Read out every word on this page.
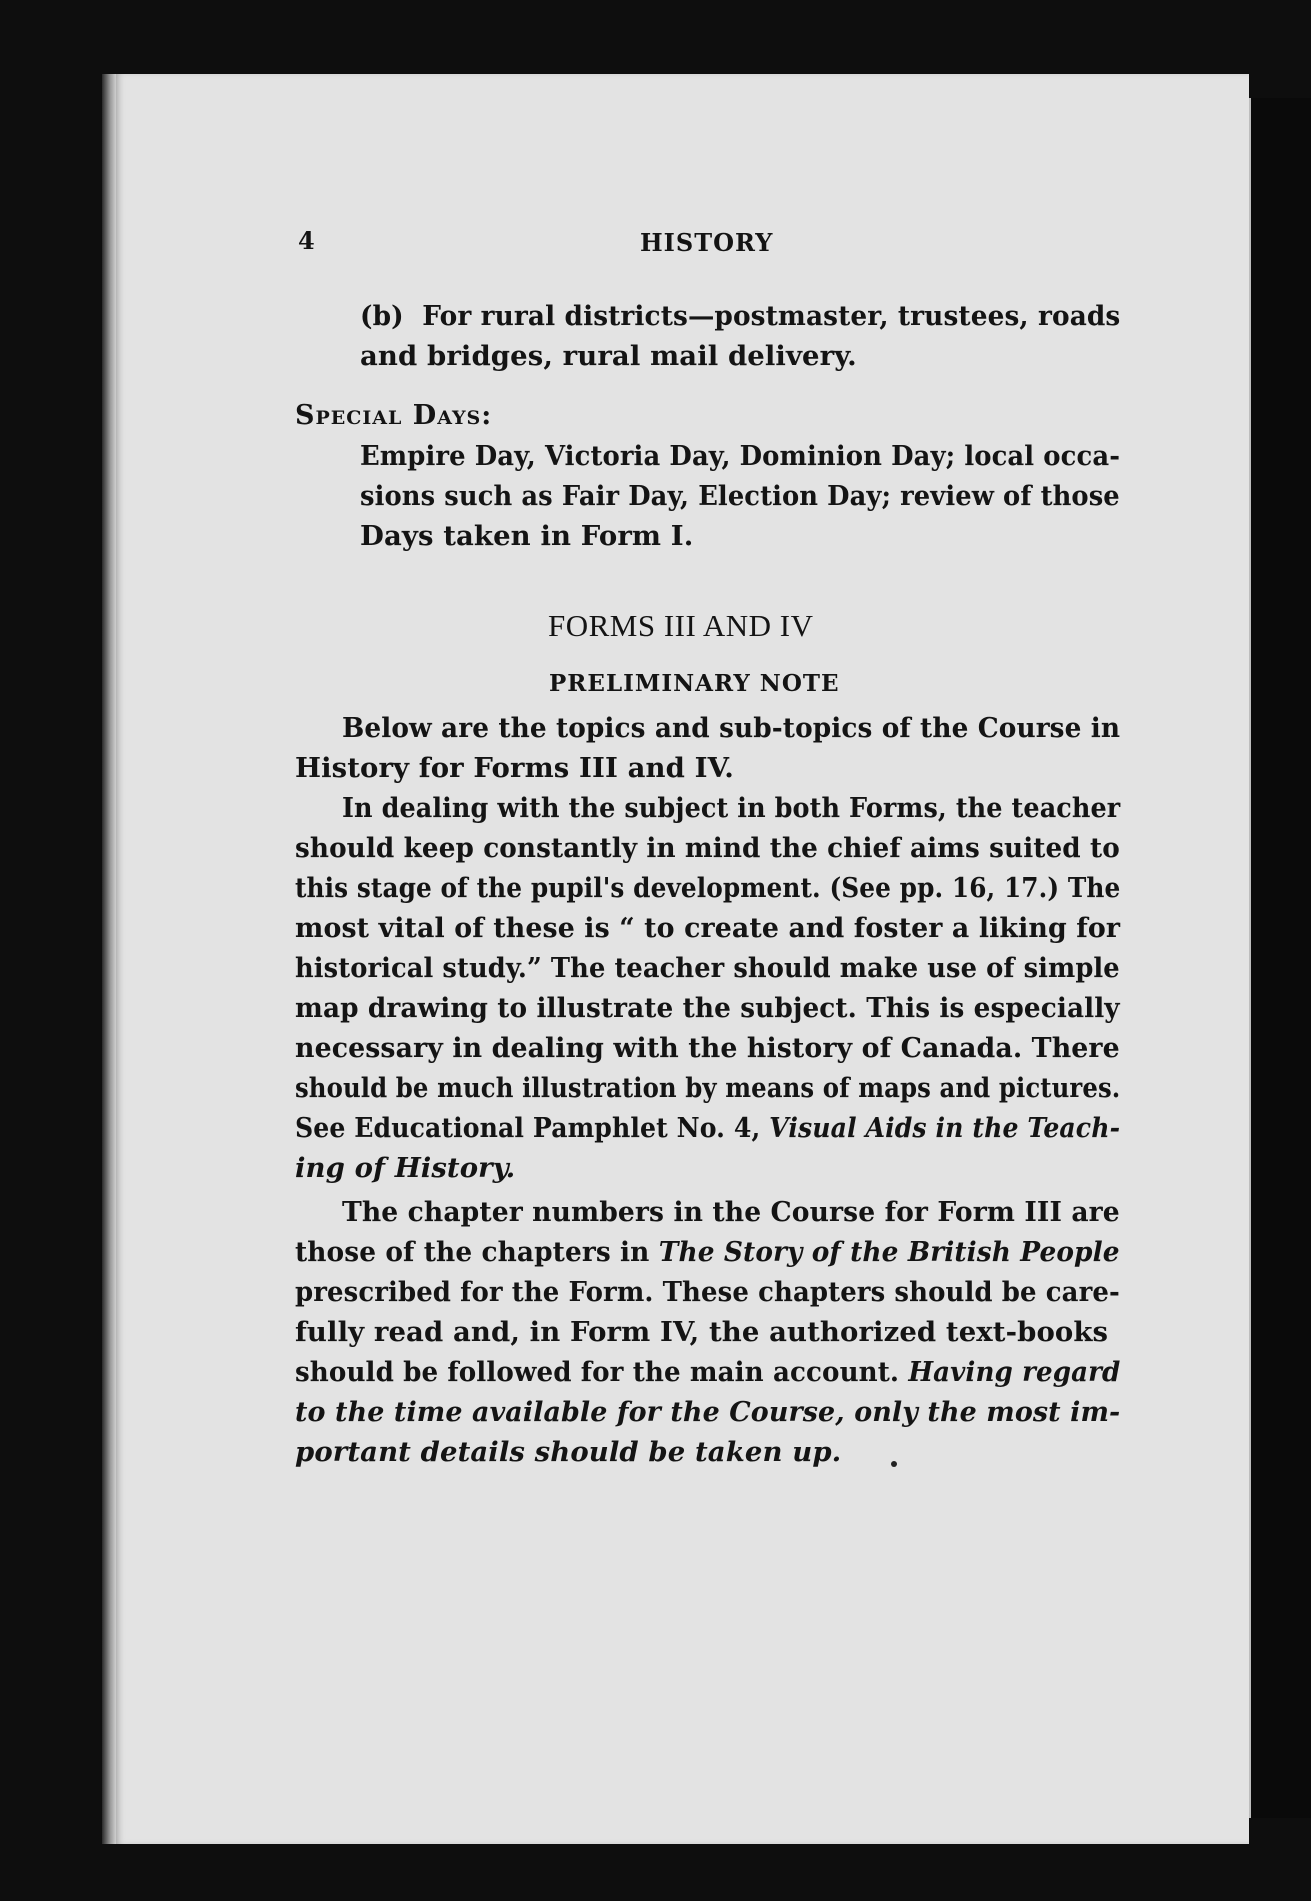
4	HISTORY
(b)  For rural districts—postmaster, trustees, roads
and bridges, rural mail delivery.
Special Days:
Empire Day, Victoria Day, Dominion Day; local occa-
sions such as Fair Day, Election Day; review of those
Days taken in Form I.
FORMS III AND IV
PRELIMINARY NOTE
Below are the topics and sub-topics of the Course in
History for Forms III and IV.
In dealing with the subject in both Forms, the teacher
should keep constantly in mind the chief aims suited to
this stage of the pupil's development. (See pp. 16, 17.) The
most vital of these is “ to create and foster a liking for
historical study.” The teacher should make use of simple
map drawing to illustrate the subject. This is especially
necessary in dealing with the history of Canada. There
should be much illustration by means of maps and pictures.
See Educational Pamphlet No. 4, Visual Aids in the Teach-
ing of History.
The chapter numbers in the Course for Form III are
those of the chapters in The Story of the British People
prescribed for the Form. These chapters should be care-
fully read and, in Form IV, the authorized text-books
should be followed for the main account. Having regard
to the time available for the Course, only the most im-
portant details should be taken up.
